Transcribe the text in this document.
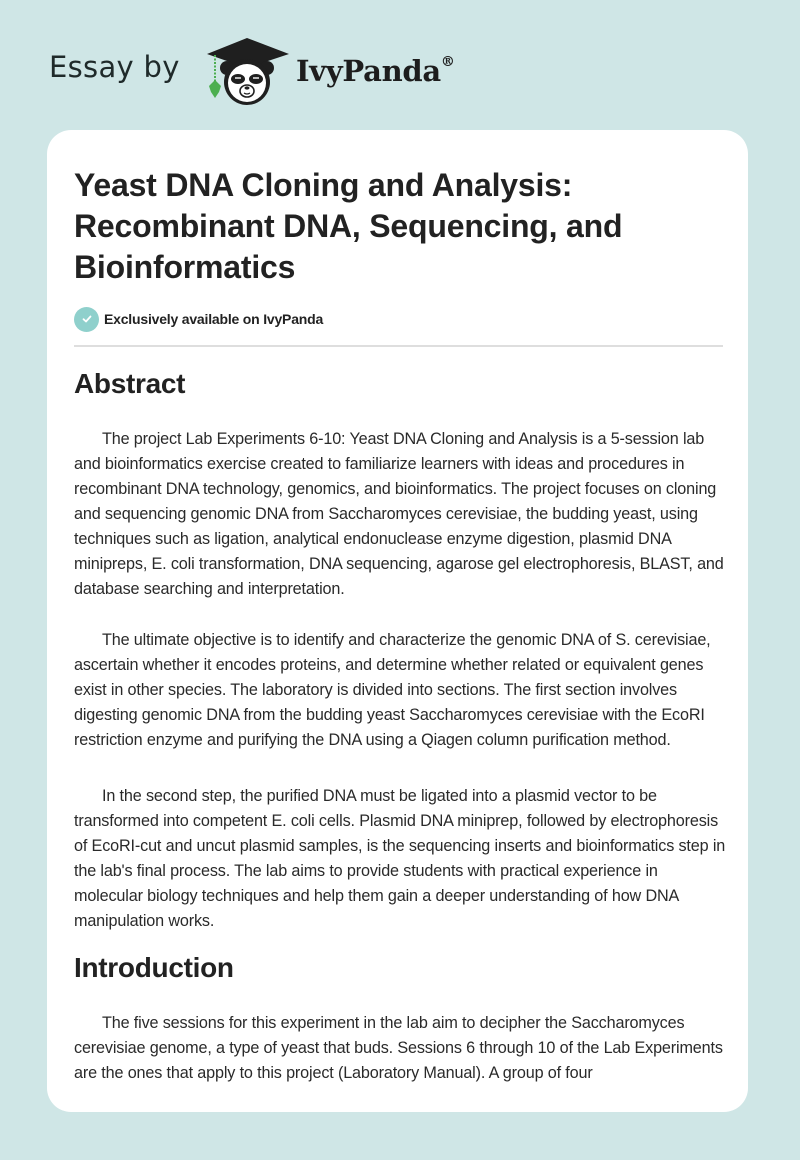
Essay by	IvyPanda®
Yeast DNA Cloning and Analysis: Recombinant DNA, Sequencing, and Bioinformatics
Exclusively available on IvyPanda
Abstract

The project Lab Experiments 6-10: Yeast DNA Cloning and Analysis is a 5-session lab and bioinformatics exercise created to familiarize learners with ideas and procedures in recombinant DNA technology, genomics, and bioinformatics. The project focuses on cloning and sequencing genomic DNA from Saccharomyces cerevisiae, the budding yeast, using techniques such as ligation, analytical endonuclease enzyme digestion, plasmid DNA minipreps, E. coli transformation, DNA sequencing, agarose gel electrophoresis, BLAST, and database searching and interpretation.

The ultimate objective is to identify and characterize the genomic DNA of S. cerevisiae, ascertain whether it encodes proteins, and determine whether related or equivalent genes exist in other species. The laboratory is divided into sections. The first section involves digesting genomic DNA from the budding yeast Saccharomyces cerevisiae with the EcoRI restriction enzyme and purifying the DNA using a Qiagen column purification method.

In the second step, the purified DNA must be ligated into a plasmid vector to be transformed into competent E. coli cells. Plasmid DNA miniprep, followed by electrophoresis of EcoRI-cut and uncut plasmid samples, is the sequencing inserts and bioinformatics step in the lab's final process. The lab aims to provide students with practical experience in molecular biology techniques and help them gain a deeper understanding of how DNA manipulation works.

Introduction

The five sessions for this experiment in the lab aim to decipher the Saccharomyces cerevisiae genome, a type of yeast that buds. Sessions 6 through 10 of the Lab Experiments are the ones that apply to this project (Laboratory Manual). A group of four
